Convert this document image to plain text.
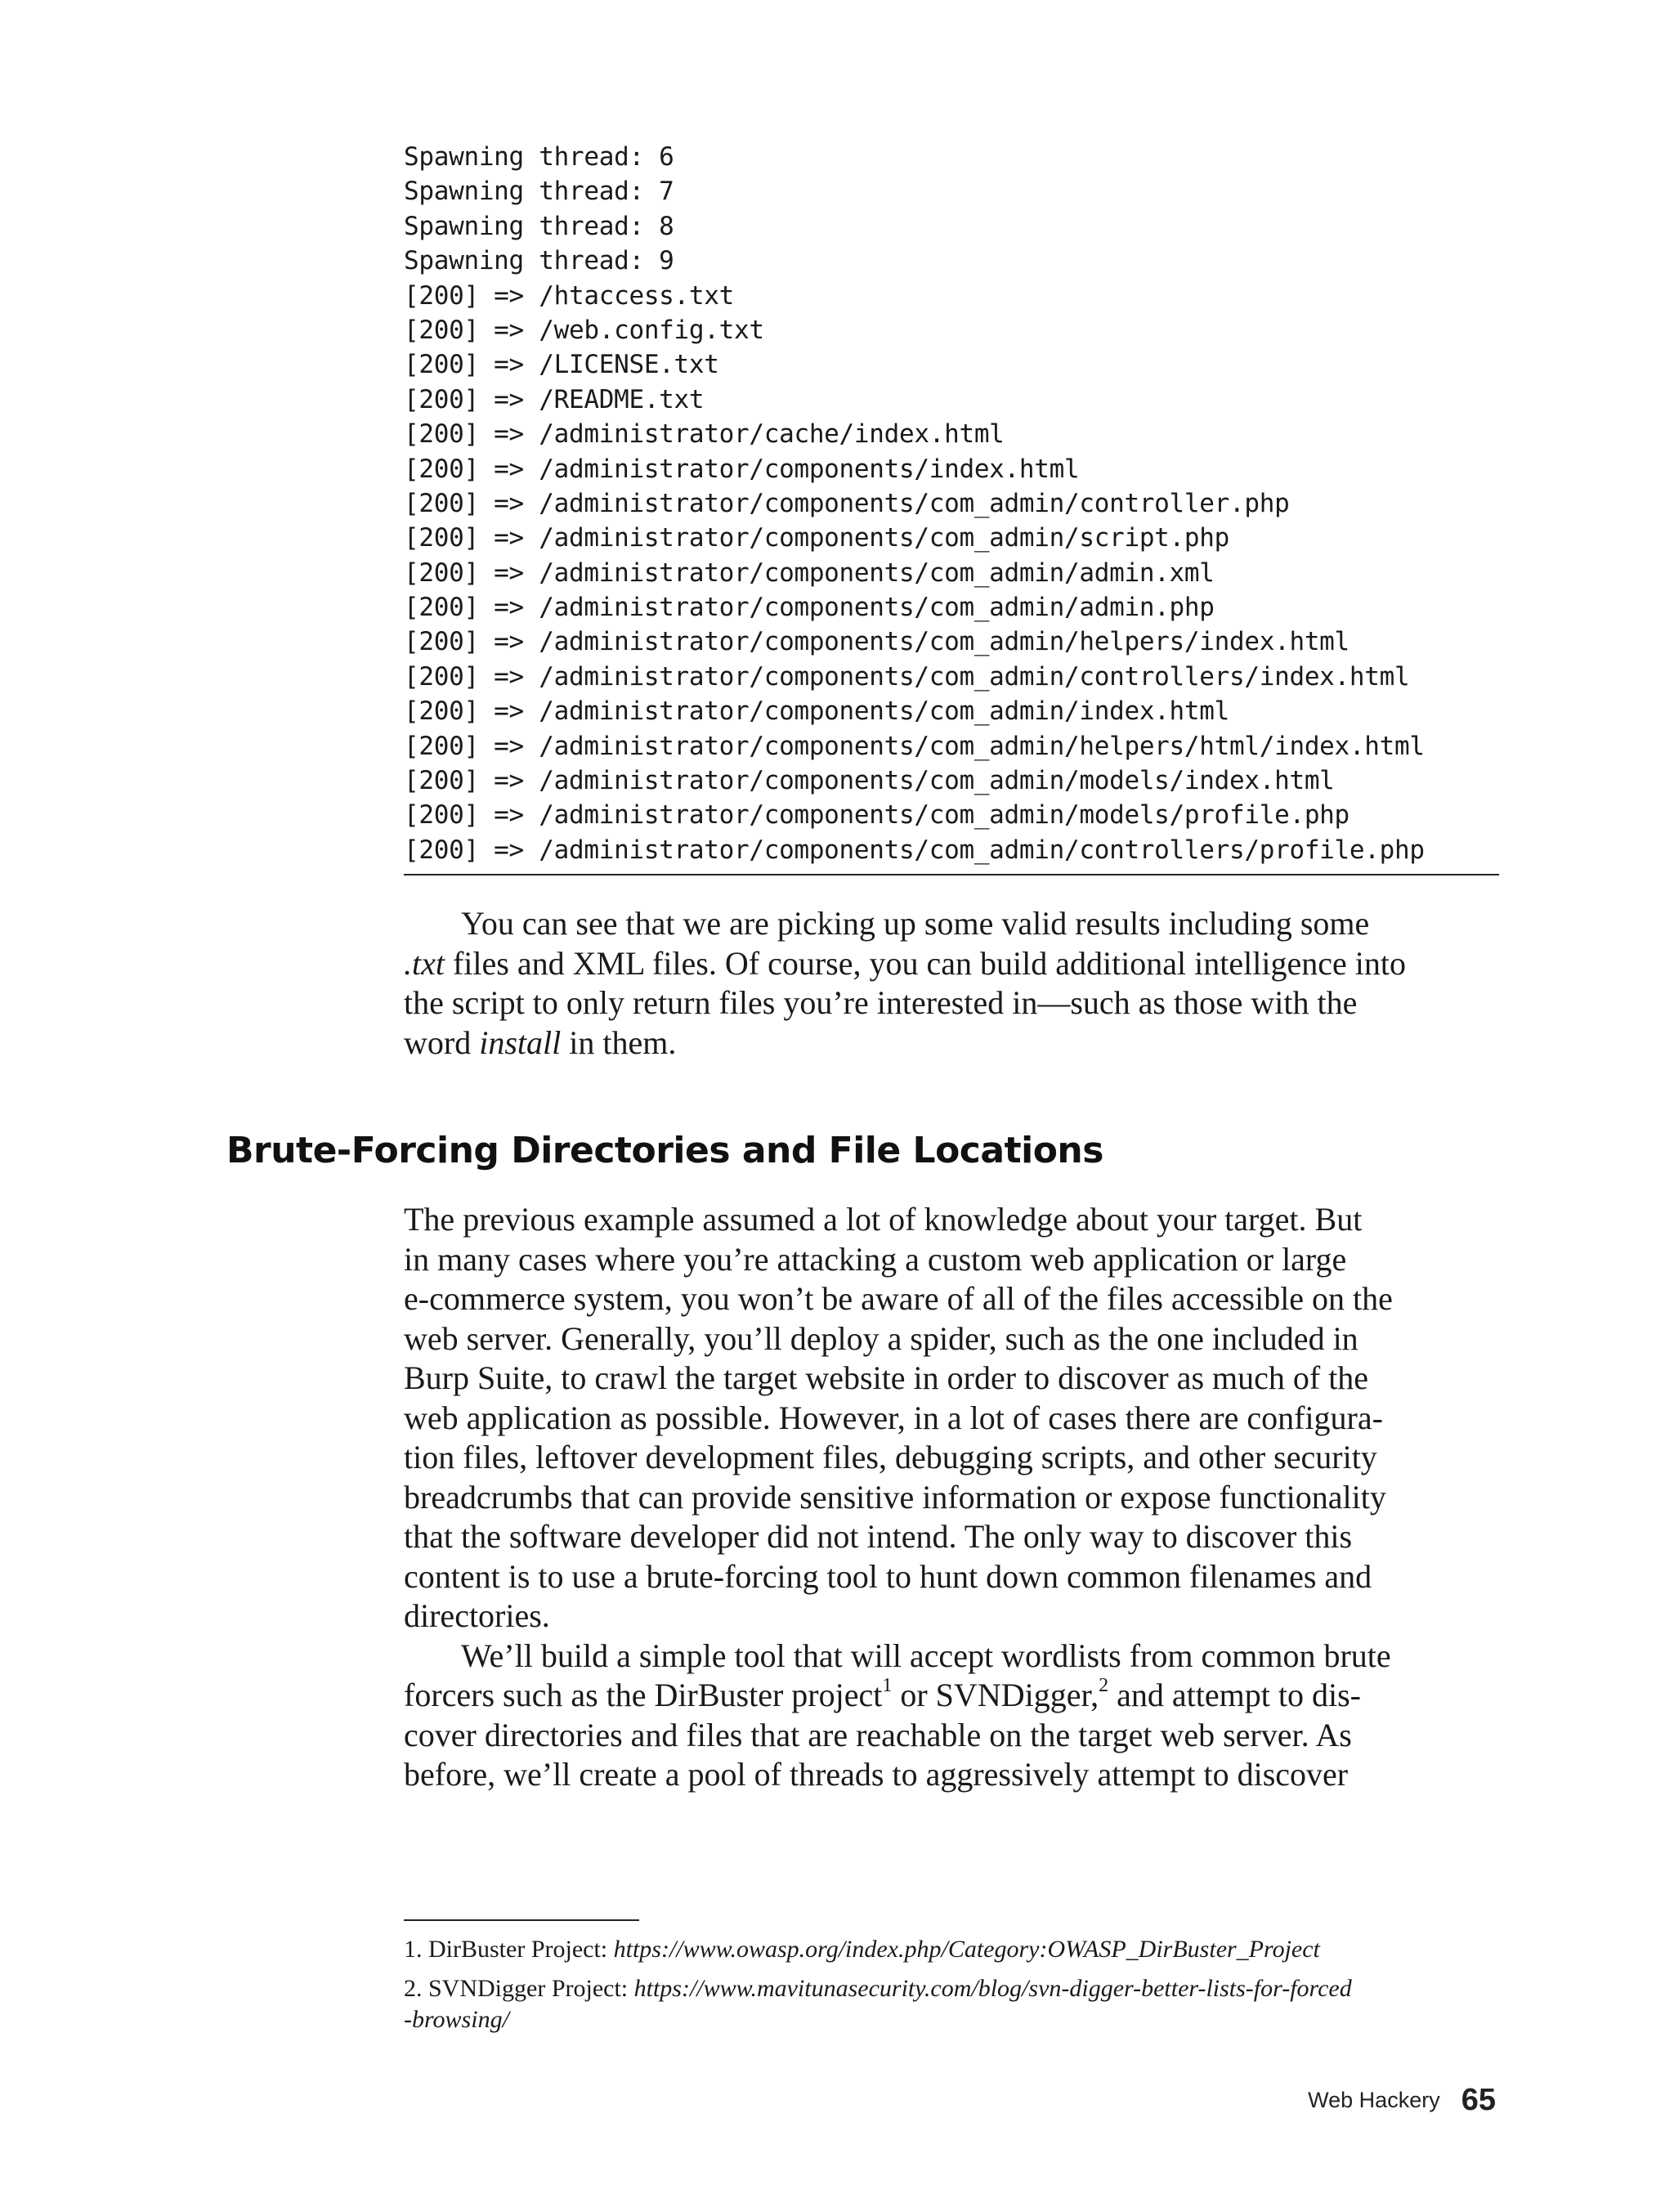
Spawning thread: 6
Spawning thread: 7
Spawning thread: 8
Spawning thread: 9
[200] => /htaccess.txt
[200] => /web.config.txt
[200] => /LICENSE.txt
[200] => /README.txt
[200] => /administrator/cache/index.html
[200] => /administrator/components/index.html
[200] => /administrator/components/com_admin/controller.php
[200] => /administrator/components/com_admin/script.php
[200] => /administrator/components/com_admin/admin.xml
[200] => /administrator/components/com_admin/admin.php
[200] => /administrator/components/com_admin/helpers/index.html
[200] => /administrator/components/com_admin/controllers/index.html
[200] => /administrator/components/com_admin/index.html
[200] => /administrator/components/com_admin/helpers/html/index.html
[200] => /administrator/components/com_admin/models/index.html
[200] => /administrator/components/com_admin/models/profile.php
[200] => /administrator/components/com_admin/controllers/profile.php
You can see that we are picking up some valid results including some
.txt files and XML files. Of course, you can build additional intelligence into
the script to only return files you’re interested in—such as those with the
word install in them.
Brute-Forcing Directories and File Locations
The previous example assumed a lot of knowledge about your target. But
in many cases where you’re attacking a custom web application or large
e-commerce system, you won’t be aware of all of the files accessible on the
web server. Generally, you’ll deploy a spider, such as the one included in
Burp Suite, to crawl the target website in order to discover as much of the
web application as possible. However, in a lot of cases there are configura-
tion files, leftover development files, debugging scripts, and other security
breadcrumbs that can provide sensitive information or expose functionality
that the software developer did not intend. The only way to discover this
content is to use a brute-forcing tool to hunt down common filenames and
directories.
We’ll build a simple tool that will accept wordlists from common brute
forcers such as the DirBuster project$^1$ or SVNDigger,$^2$ and attempt to dis-
cover directories and files that are reachable on the target web server. As
before, we’ll create a pool of threads to aggressively attempt to discover
1. DirBuster Project: https://www.owasp.org/index.php/Category:OWASP_DirBuster_Project
2. SVNDigger Project: https://www.mavitunasecurity.com/blog/svn-digger-better-lists-for-forced
-browsing/
Web Hackery 65
